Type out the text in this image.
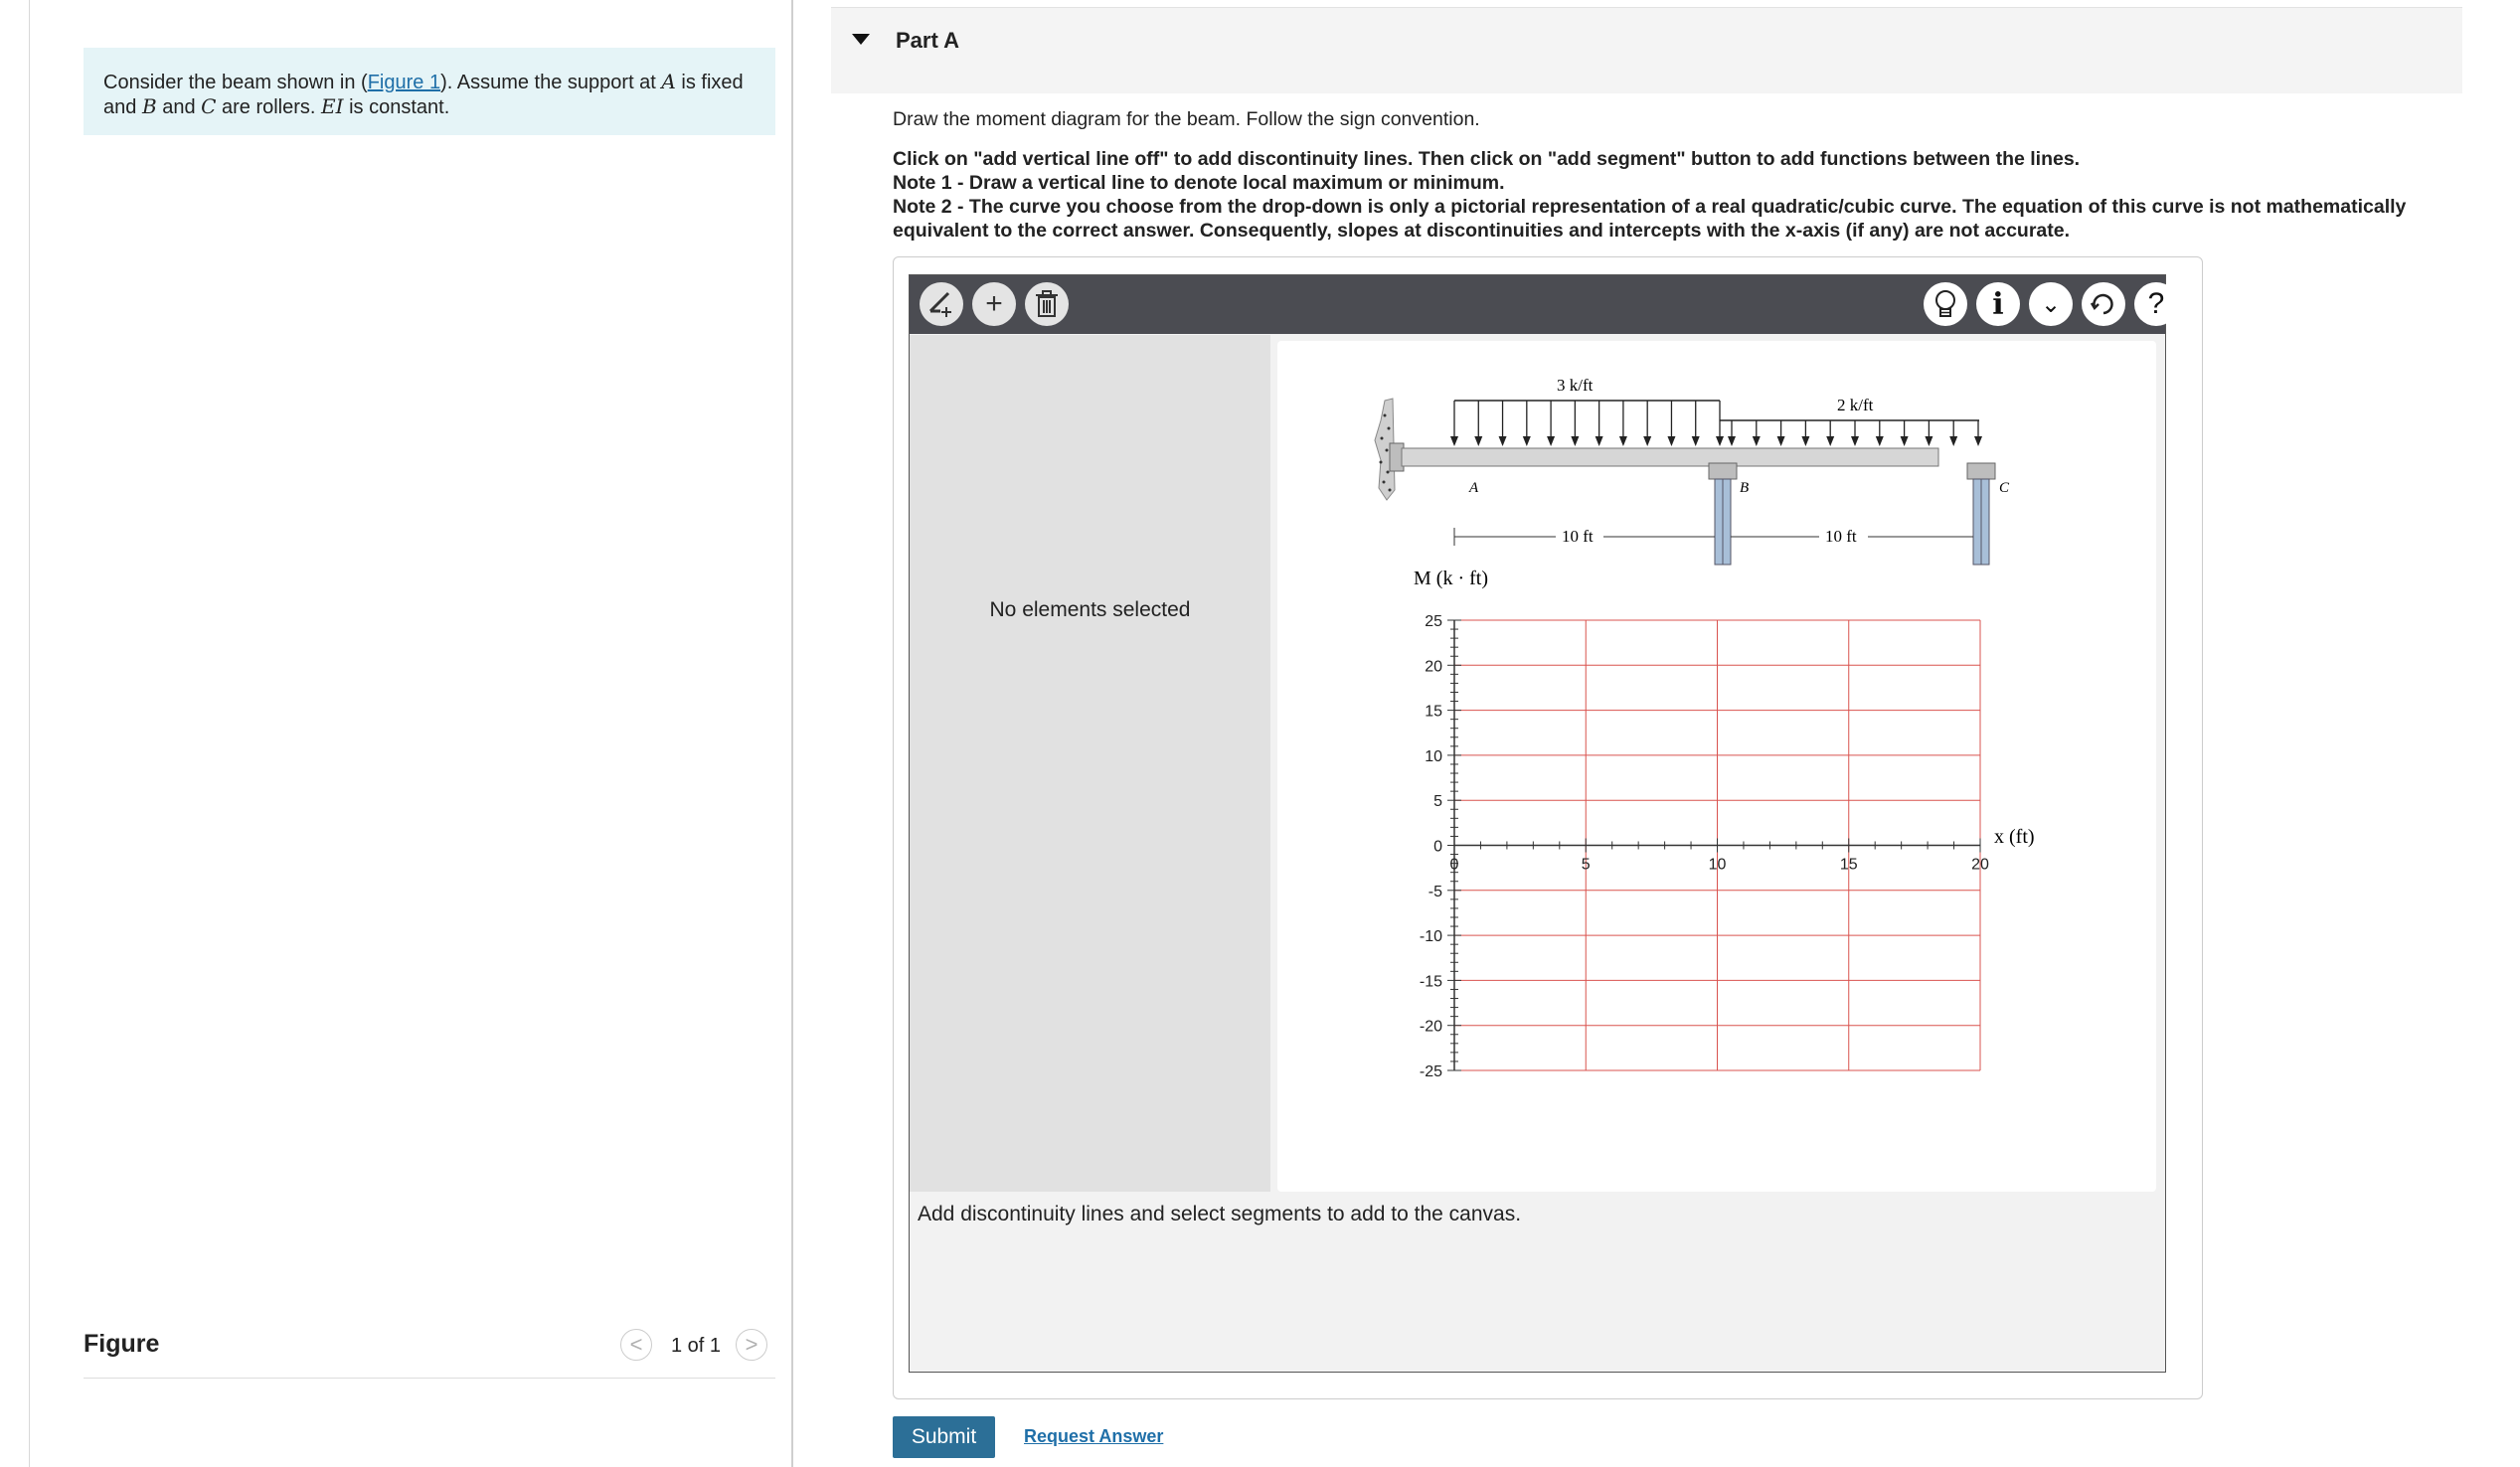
Consider the beam shown in (Figure 1). Assume the support at A is fixed and B and C are rollers. EI is constant.
Figure	< 1 of 1 >
Part A

Draw the moment diagram for the beam. Follow the sign convention.

Click on "add vertical line off" to add discontinuity lines. Then click on "add segment" button to add functions between the lines.

Note 1 - Draw a vertical line to denote local maximum or minimum.

Note 2 - The curve you choose from the drop-down is only a pictorial representation of a real quadratic/cubic curve. The equation of this curve is not mathematically equivalent to the correct answer. Consequently, slopes at discontinuities and intercepts with the x-axis (if any) are not accurate.

+	i ⌄	?
No elements selected
3 k/ft
2 k/ft
A	B	C
10 ft	10 ft
M (k · ft)
x (ft)
25
20
15
10
5
0
-5
-10
-15
-20
-25
0	5	10	15	20
Add discontinuity lines and select segments to add to the canvas.
Submit	Request Answer
